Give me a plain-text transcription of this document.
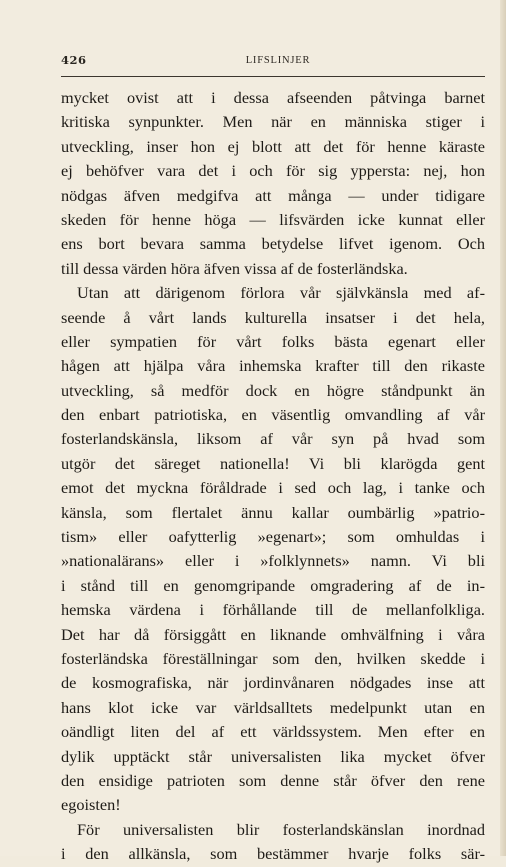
426	LIFSLINJER
mycket ovist att i dessa afseenden påtvinga barnet
kritiska synpunkter. Men när en människa stiger i
utveckling, inser hon ej blott att det för henne käraste
ej behöfver vara det i och för sig yppersta: nej, hon
nödgas äfven medgifva att många — under tidigare
skeden för henne höga — lifsvärden icke kunnat eller
ens bort bevara samma betydelse lifvet igenom. Och
till dessa värden höra äfven vissa af de fosterländska.
Utan att därigenom förlora vår självkänsla med af-
seende å vårt lands kulturella insatser i det hela,
eller sympatien för vårt folks bästa egenart eller
hågen att hjälpa våra inhemska krafter till den rikaste
utveckling, så medför dock en högre ståndpunkt än
den enbart patriotiska, en väsentlig omvandling af vår
fosterlandskänsla, liksom af vår syn på hvad som
utgör det säreget nationella! Vi bli klarögda gent
emot det myckna föråldrade i sed och lag, i tanke och
känsla, som flertalet ännu kallar oumbärlig »patrio-
tism» eller oafytterlig »egenart»; som omhuldas i
»nationalärans» eller i »folklynnets» namn. Vi bli
i stånd till en genomgripande omgradering af de in-
hemska värdena i förhållande till de mellanfolkliga.
Det har då försiggått en liknande omhvälfning i våra
fosterländska föreställningar som den, hvilken skedde i
de kosmografiska, när jordinvånaren nödgades inse att
hans klot icke var världsalltets medelpunkt utan en
oändligt liten del af ett världssystem. Men efter en
dylik upptäckt står universalisten lika mycket öfver
den ensidige patrioten som denne står öfver den rene
egoisten!
För universalisten blir fosterlandskänslan inordnad
i den allkänsla, som bestämmer hvarje folks sär-
